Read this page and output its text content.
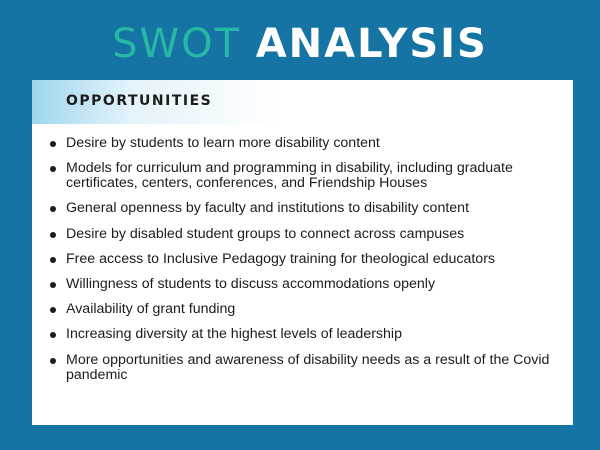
SWOT ANALYSIS
OPPORTUNITIES
Desire by students to learn more disability content
Models for curriculum and programming in disability, including graduate certificates, centers, conferences, and Friendship Houses
General openness by faculty and institutions to disability content
Desire by disabled student groups to connect across campuses
Free access to Inclusive Pedagogy training for theological educators
Willingness of students to discuss accommodations openly
Availability of grant funding
Increasing diversity at the highest levels of leadership
More opportunities and awareness of disability needs as a result of the Covid pandemic
